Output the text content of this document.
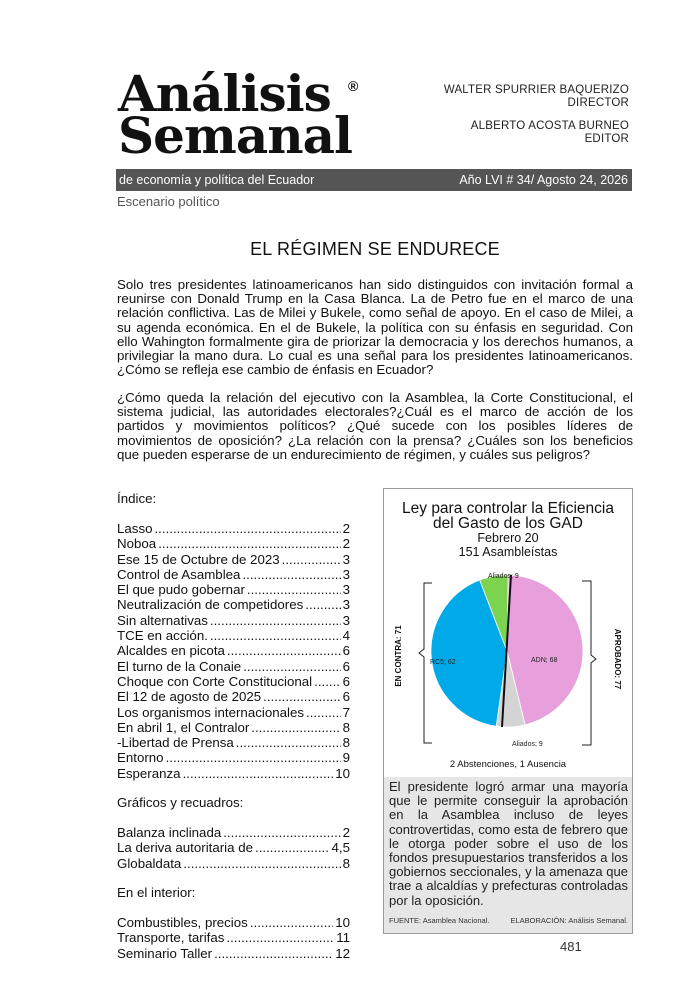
Análisis
Semanal
®	WALTER SPURRIER BAQUERIZO
DIRECTOR
ALBERTO ACOSTA BURNEO
EDITOR
de economía y política del Ecuador	Año LVI # 34/ Agosto 24, 2026
Escenario político
EL RÉGIMEN SE ENDURECE

Solo tres presidentes latinoamericanos han sido distinguidos con invitación formal a reunirse con Donald Trump en la Casa Blanca. La de Petro fue en el marco de una relación conflictiva. Las de Milei y Bukele, como señal de apoyo. En el caso de Milei, a su agenda económica. En el de Bukele, la política con su énfasis en seguridad. Con ello Wahington formalmente gira de priorizar la democracia y los derechos humanos, a privilegiar la mano dura. Lo cual es una señal para los presidentes latinoamericanos. ¿Cómo se refleja ese cambio de énfasis en Ecuador?

¿Cómo queda la relación del ejecutivo con la Asamblea, la Corte Constitucional, el sistema judicial, las autoridades electorales?¿Cuál es el marco de acción de los partidos y movimientos políticos? ¿Qué sucede con los posibles líderes de movimientos de oposición? ¿La relación con la prensa? ¿Cuáles son los beneficios que pueden esperarse de un endurecimiento de régimen, y cuáles sus peligros?

Índice:
Lasso .....	2
Noboa .....	2
Ese 15 de Octubre de 2023 .....	3
Control de Asamblea .....	3
El que pudo gobernar .....	3
Neutralización de competidores .....	3
Sin alternativas .....	3
TCE en acción. .....	4
Alcaldes en picota .....	6
El turno de la Conaie .....	6
Choque con Corte Constitucional ..... 6
El 12 de agosto de 2025 .....	6
Los organismos internacionales .....	7
En abril 1, el Contralor .....	8
-Libertad de Prensa .....	8
Entorno .....	9
Esperanza .....	10
Gráficos y recuadros:
Balanza inclinada .....	2
La deriva autoritaria de .....	4,5
Globaldata .....	8
En el interior:
Combustibles, precios .....	10
Transporte, tarifas .....	11
Seminario Taller .....	12
Ley para controlar la Eficiencia
del Gasto de los GAD
Febrero 20
151 Asambleístas
ADN; 68
Aliados; 9
RC5; 62
Aliados; 9
EN CONTRA: 71	APROBADO: 77
2 Abstenciones, 1 Ausencia

El presidente logró armar una mayoría que le permite conseguir la aprobación en la Asamblea incluso de leyes controvertidas, como esta de febrero que le otorga poder sobre el uso de los fondos presupuestarios transferidos a los gobiernos seccionales, y la amenaza que trae a alcaldías y prefecturas controladas por la oposición.

FUENTE: Asamblea Nacional.	ELABORACIÓN: Análisis Semanal.
481
